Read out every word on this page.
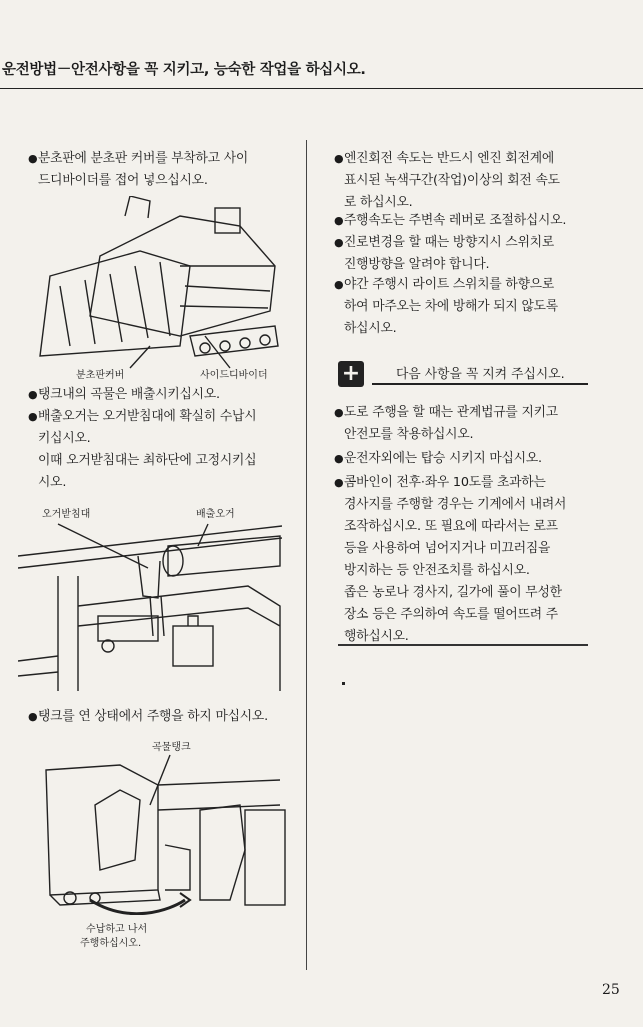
운전방법－안전사항을 꼭 지키고, 능숙한 작업을 하십시오.
● 분초판에 분초판 커버를 부착하고 사이
드디바이더를 접어 넣으십시오.
분초판커버	사이드디바이더
● 탱크내의 곡물은 배출시키십시오.
● 배출오거는 오거받침대에 확실히 수납시
키십시오.
이때 오거받침대는 최하단에 고정시키십
시오.
오거받침대	배출오거
● 탱크를 연 상태에서 주행을 하지 마십시오.
곡물탱크
수납하고 나서
주행하십시오.
● 엔진회전 속도는 반드시 엔진 회전계에
표시된 녹색구간(작업)이상의 회전 속도
로 하십시오.
● 주행속도는 주변속 레버로 조절하십시오.
● 진로변경을 할 때는 방향지시 스위치로
진행방향을 알려야 합니다.
● 야간 주행시 라이트 스위치를 하향으로
하여 마주오는 차에 방해가 되지 않도록
하십시오.
+	다음 사항을 꼭 지켜 주십시오.
● 도로 주행을 할 때는 관계법규를 지키고
안전모를 착용하십시오.
● 운전자외에는 탑승 시키지 마십시오.
● 콤바인이 전후·좌우 10도를 초과하는
경사지를 주행할 경우는 기계에서 내려서
조작하십시오. 또 필요에 따라서는 로프
등을 사용하여 넘어지거나 미끄러짐을
방지하는 등 안전조치를 하십시오.
좁은 농로나 경사지, 길가에 풀이 무성한
장소 등은 주의하여 속도를 떨어뜨려 주
행하십시오.
25
